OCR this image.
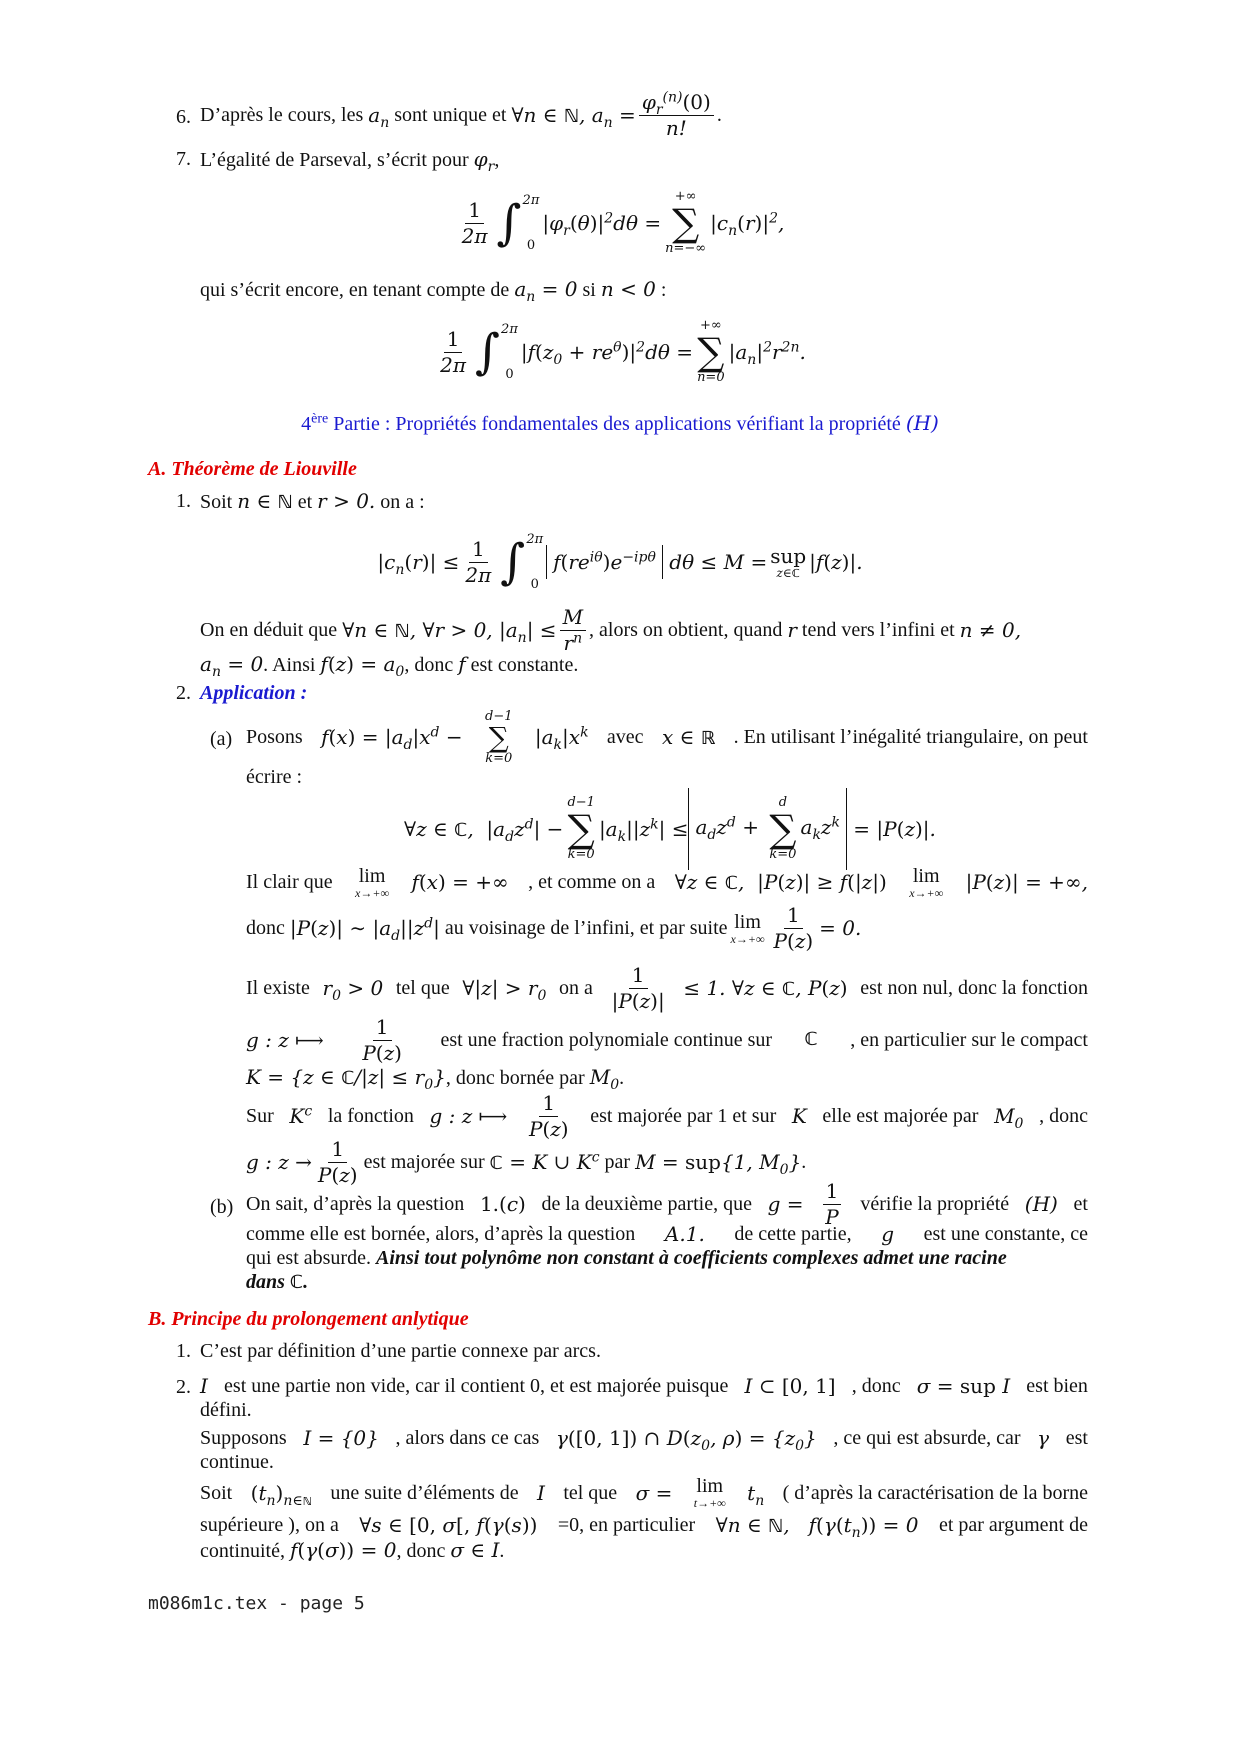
6. D’après le cours, les
$a_n$
sont unique et
∀n ∈ ℕ, $a_n = \frac{\varphi_r^{(n)}(0)}{n!}$ .
7. L’égalité de Parseval, s’écrit pour $\varphi_r$,
$\frac{1}{2\pi}$ ∫ 2π
0
$|\varphi_r(\theta)|^2d\theta$ =
+∞
∑
n=−∞
$|c_n(r)|^2$,
qui s’écrit encore, en tenant compte de $a_n = 0$ si n < 0 :
$\frac{1}{2\pi}$ ∫ 2π
0
$|f(z_0 + re^\theta)|^2d\theta$ =
+∞
∑
n=0
$|a_n|^2r^{2n}$.
4ère Partie : Propriétés fondamentales des applications vérifiant la propriété (H)
A. Théorème de Liouville
1. Soit n ∈ ℕ et r > 0. on a :
$|c_n(r)| \le \frac{1}{2\pi}$ ∫ 2π
0
$f(re^{i\theta})e^{-ip\theta}$ dθ ≤ M = sup
z∈ℂ |f(z)|.
On en déduit que
∀n ∈ ℕ, ∀r > 0, $|a_n| \le \frac{M}{r^n}$ , alors on obtient, quand
r
tend vers l’infini et
n ≠ 0,
$a_n = 0$. Ainsi $f(z) = a_0$, donc f est constante.
2. Application :
(a) Posons $f(x) = |a_d|x^d$ −
d−1
∑
k=0
$|a_k|x^k$ avec x ∈ ℝ . En utilisant l’inégalité triangulaire, on peut
écrire :
∀z ∈ ℂ,  $|a_dz^d|$ −
d−1
∑
k=0
$|a_k||z^k| \le a_dz^d$ +
d
∑
k=0
$a_kz^k = |P(z)|$.
Il clair que lim
x→+∞ f(x) = +∞ , et comme on a ∀z ∈ ℂ,  |P(z)| ≥ f(|z|) lim
x→+∞ |P(z)| = +∞,
donc
|P(z)| ∼ $|a_d||z^d|$
au voisinage de l’infini, et par suite lim
$x\to+\infty \frac{1}{P(z)} = 0$.
Il existe $r_0 > 0$ tel que ∀|z| > $r_0$ on a $\frac{1}{|P(z)|} \le 1$. ∀z ∈ ℂ, P(z) est non nul, donc la fonction
g : z ⟼ $\frac{1}{P(z)}$ est une fraction polynomiale continue sur ℂ , en particulier sur le compact
K = {z ∈ ℂ/|z| ≤ $r_0$}, donc bornée par $M_0$.
Sur $K^c$ la fonction g : z ⟼ $\frac{1}{P(z)}$ est majorée par 1 et sur K elle est majorée par $M_0$ , donc
g : $z \to \frac{1}{P(z)}$ est majorée sur
ℂ = K ∪ $K^c$
par
M = sup{1, $M_0$} .
(b) On sait, d’après la question 1.(c) de la deuxième partie, que $g = \frac{1}{P}$ vérifie la propriété (H) et
comme elle est bornée, alors, d’après la question A.1. de cette partie, g est une constante, ce
qui est absurde. Ainsi tout polynôme non constant à coefficients complexes admet une racine
dans ℂ.
B. Principe du prolongement anlytique
1. C’est par définition d’une partie connexe par arcs.
2. I est une partie non vide, car il contient 0, et est majorée puisque I ⊂ [0, 1] , donc σ = sup I est bien
défini.
Supposons I = {0} , alors dans ce cas γ([0, 1]) ∩ $D(z_0$, $\rho) = \{z_0\}$ , ce qui est absurde, car γ est
continue.
Soit $(t_n)_{n\in ℕ}$ une suite d’éléments de I tel que σ = lim
t→+∞ $t_n$ ( d’après la caractérisation de la borne
supérieure ), on a ∀s ∈ [0, σ[, f(γ(s)) =0, en particulier ∀n ∈ ℕ,   $f(\gamma(t_n)) = 0$ et par argument de
continuité, f(γ(σ)) = 0, donc σ ∈ I.
m086m1c.tex - page 5
